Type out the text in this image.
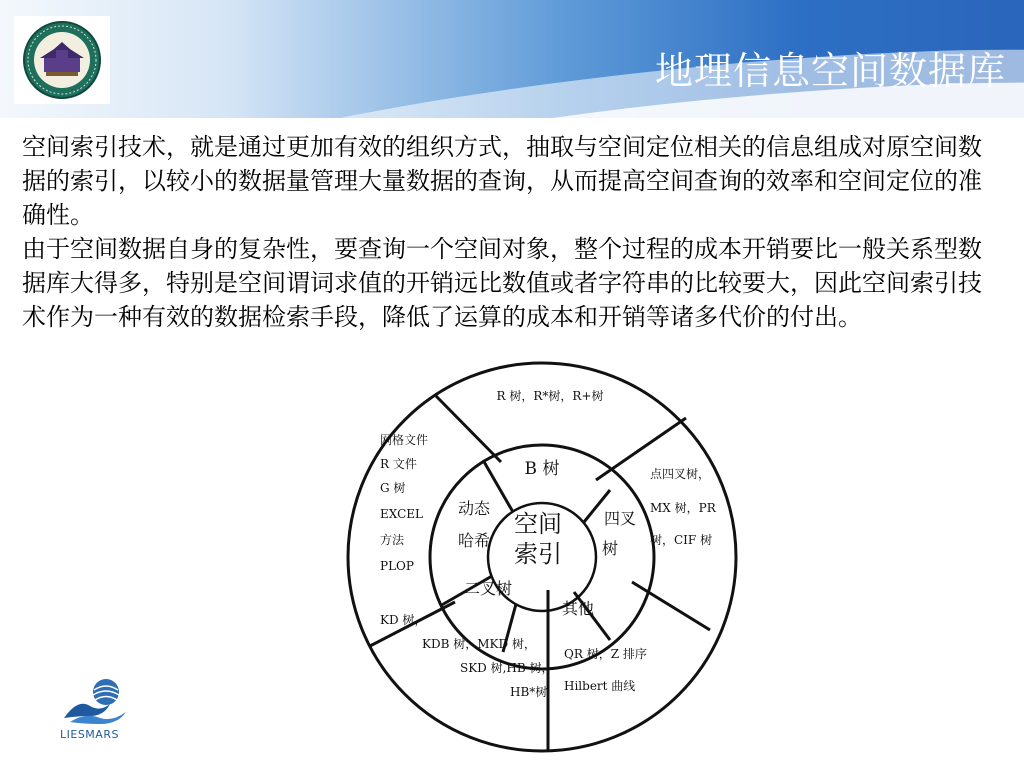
地理信息空间数据库

空间索引技术，就是通过更加有效的组织方式，抽取与空间定位相关的信息组成对原空间数据的索引，以较小的数据量管理大量数据的查询，从而提高空间查询的效率和空间定位的准确性。

由于空间数据自身的复杂性，要查询一个空间对象，整个过程的成本开销要比一般关系型数据库大得多，特别是空间谓词求值的开销远比数值或者字符串的比较要大，因此空间索引技术作为一种有效的数据检索手段，降低了运算的成本和开销等诸多代价的付出。

空间
索引
B 树
四叉
树
其他
二叉树
动态
哈希
R 树，R*树，R+树
点四叉树，
MX 树，PR
树，CIF 树
QR 树，Z 排序
Hilbert 曲线
KD 树，
KDB 树，MKD 树，
SKD 树,HB 树，
HB*树
网格文件
R 文件
G 树
EXCEL
方法
PLOP
LIESMARS
